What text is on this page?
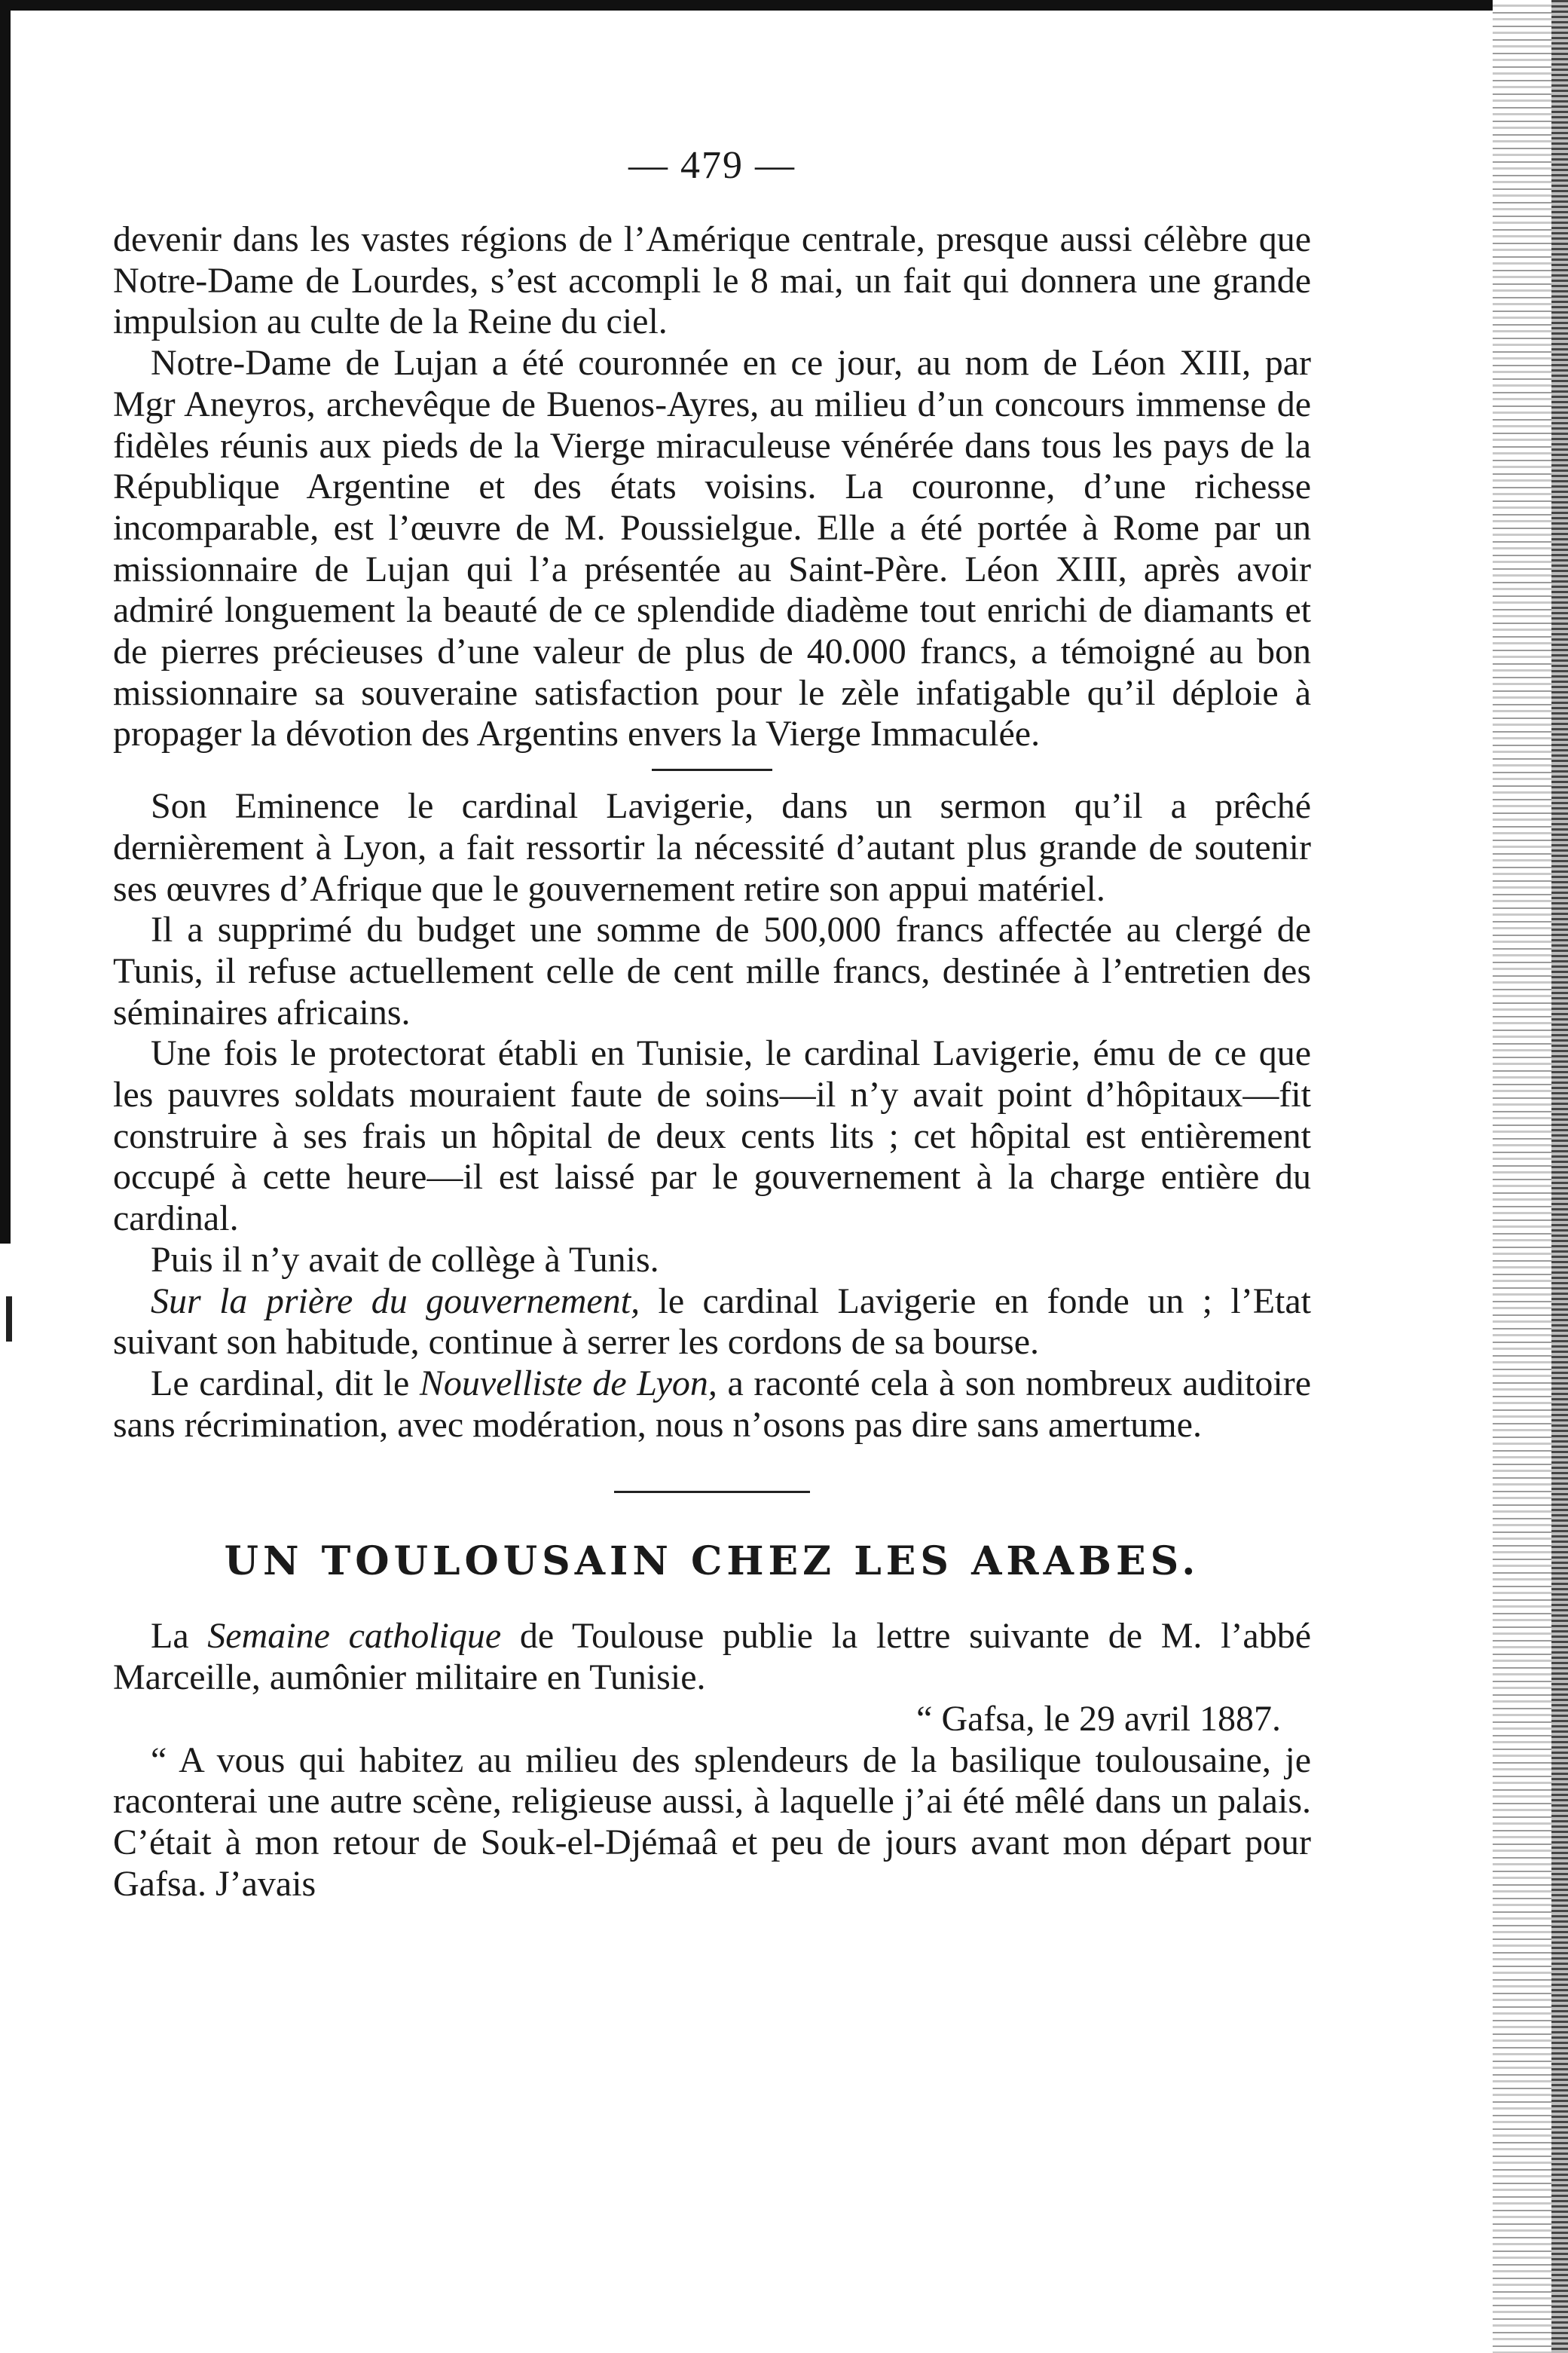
— 479 —

devenir dans les vastes régions de l’Amérique centrale, presque aussi célèbre que Notre-Dame de Lourdes, s’est accompli le 8 mai, un fait qui donnera une grande impulsion au culte de la Reine du ciel.

Notre-Dame de Lujan a été couronnée en ce jour, au nom de Léon XIII, par Mgr Aneyros, archevêque de Buenos-Ayres, au milieu d’un concours immense de fidèles réunis aux pieds de la Vierge miraculeuse vénérée dans tous les pays de la République Argentine et des états voisins. La couronne, d’une richesse incomparable, est l’œuvre de M. Poussielgue. Elle a été portée à Rome par un missionnaire de Lujan qui l’a présentée au Saint-Père. Léon XIII, après avoir admiré longuement la beauté de ce splendide diadème tout enrichi de diamants et de pierres précieuses d’une valeur de plus de 40.000 francs, a témoigné au bon missionnaire sa souveraine satisfaction pour le zèle infatigable qu’il déploie à propager la dévotion des Argentins envers la Vierge Immaculée.

Son Eminence le cardinal Lavigerie, dans un sermon qu’il a prêché dernièrement à Lyon, a fait ressortir la nécessité d’autant plus grande de soutenir ses œuvres d’Afrique que le gouvernement retire son appui matériel.

Il a supprimé du budget une somme de 500,000 francs affectée au clergé de Tunis, il refuse actuellement celle de cent mille francs, destinée à l’entretien des séminaires africains.

Une fois le protectorat établi en Tunisie, le cardinal Lavigerie, ému de ce que les pauvres soldats mouraient faute de soins—il n’y avait point d’hôpitaux—fit construire à ses frais un hôpital de deux cents lits ; cet hôpital est entièrement occupé à cette heure—il est laissé par le gouvernement à la charge entière du cardinal.

Puis il n’y avait de collège à Tunis.

Sur la prière du gouvernement, le cardinal Lavigerie en fonde un ; l’Etat suivant son habitude, continue à serrer les cordons de sa bourse.

Le cardinal, dit le Nouvelliste de Lyon, a raconté cela à son nombreux auditoire sans récrimination, avec modération, nous n’osons pas dire sans amertume.

UN TOULOUSAIN CHEZ LES ARABES.

La Semaine catholique de Toulouse publie la lettre suivante de M. l’abbé Marceille, aumônier militaire en Tunisie.

“ Gafsa, le 29 avril 1887.

“ A vous qui habitez au milieu des splendeurs de la basilique toulousaine, je raconterai une autre scène, religieuse aussi, à laquelle j’ai été mêlé dans un palais. C’était à mon retour de Souk-el-Djémaâ et peu de jours avant mon départ pour Gafsa. J’avais
